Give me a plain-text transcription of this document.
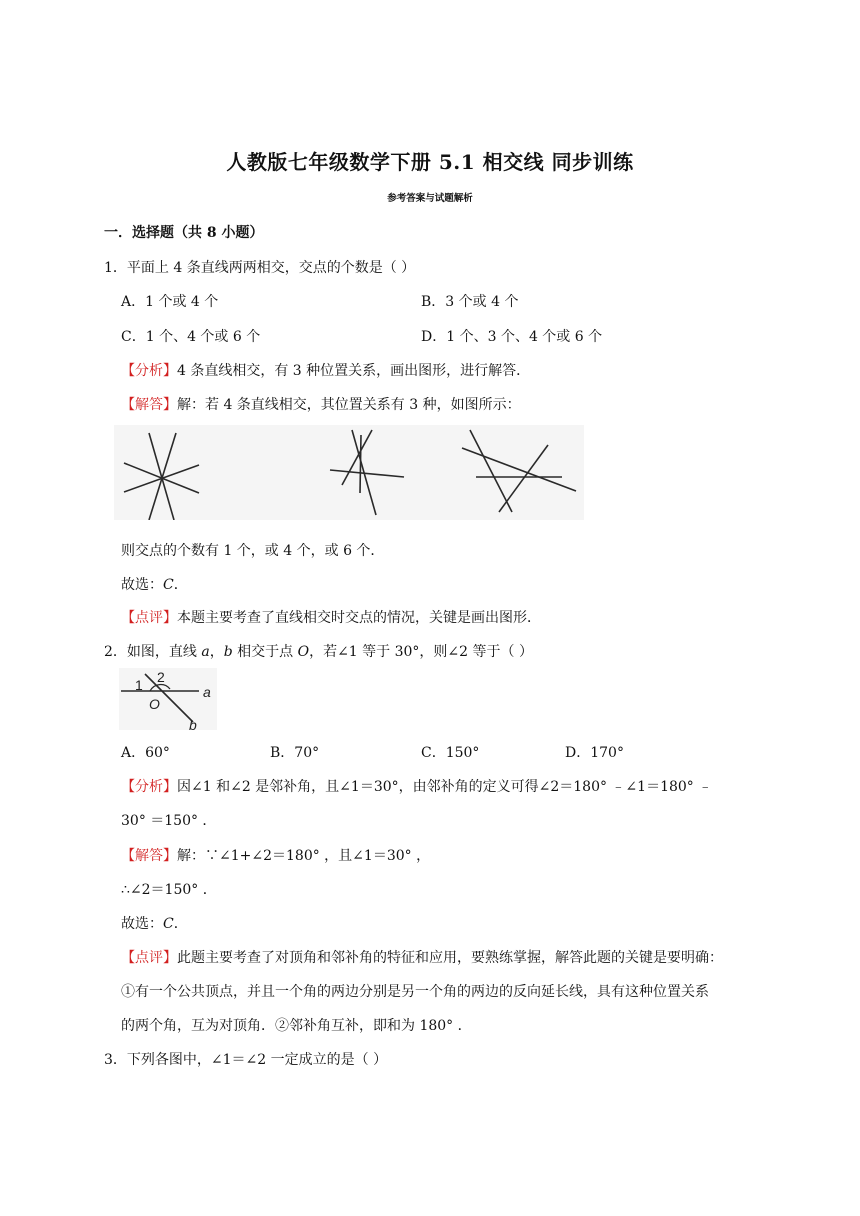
人教版七年级数学下册 5.1 相交线 同步训练
参考答案与试题解析
一．选择题（共 8 小题）
1．平面上 4 条直线两两相交，交点的个数是（ ）
A．1 个或 4 个	B．3 个或 4 个
C．1 个、4 个或 6 个	D．1 个、3 个、4 个或 6 个
【分析】4 条直线相交，有 3 种位置关系，画出图形，进行解答．
【解答】解：若 4 条直线相交，其位置关系有 3 种，如图所示：
则交点的个数有 1 个，或 4 个，或 6 个．
故选：C．
【点评】本题主要考查了直线相交时交点的情况，关键是画出图形．
2．如图，直线 a，b 相交于点 O，若∠1 等于 30°，则∠2 等于（ ）
1 2
O
a
b
A．60°	B．70°	C．150°	D．170°
【分析】因∠1 和∠2 是邻补角，且∠1＝30°，由邻补角的定义可得∠2＝180° ﹣∠1＝180° ﹣
30° ＝150° ．
【解答】解：∵∠1+∠2＝180° ，且∠1＝30° ，
∴∠2＝150° ．
故选：C．
【点评】此题主要考查了对顶角和邻补角的特征和应用，要熟练掌握，解答此题的关键是要明确：
①有一个公共顶点，并且一个角的两边分别是另一个角的两边的反向延长线，具有这种位置关系
的两个角，互为对顶角．②邻补角互补，即和为 180° ．
3．下列各图中，∠1＝∠2 一定成立的是（ ）
